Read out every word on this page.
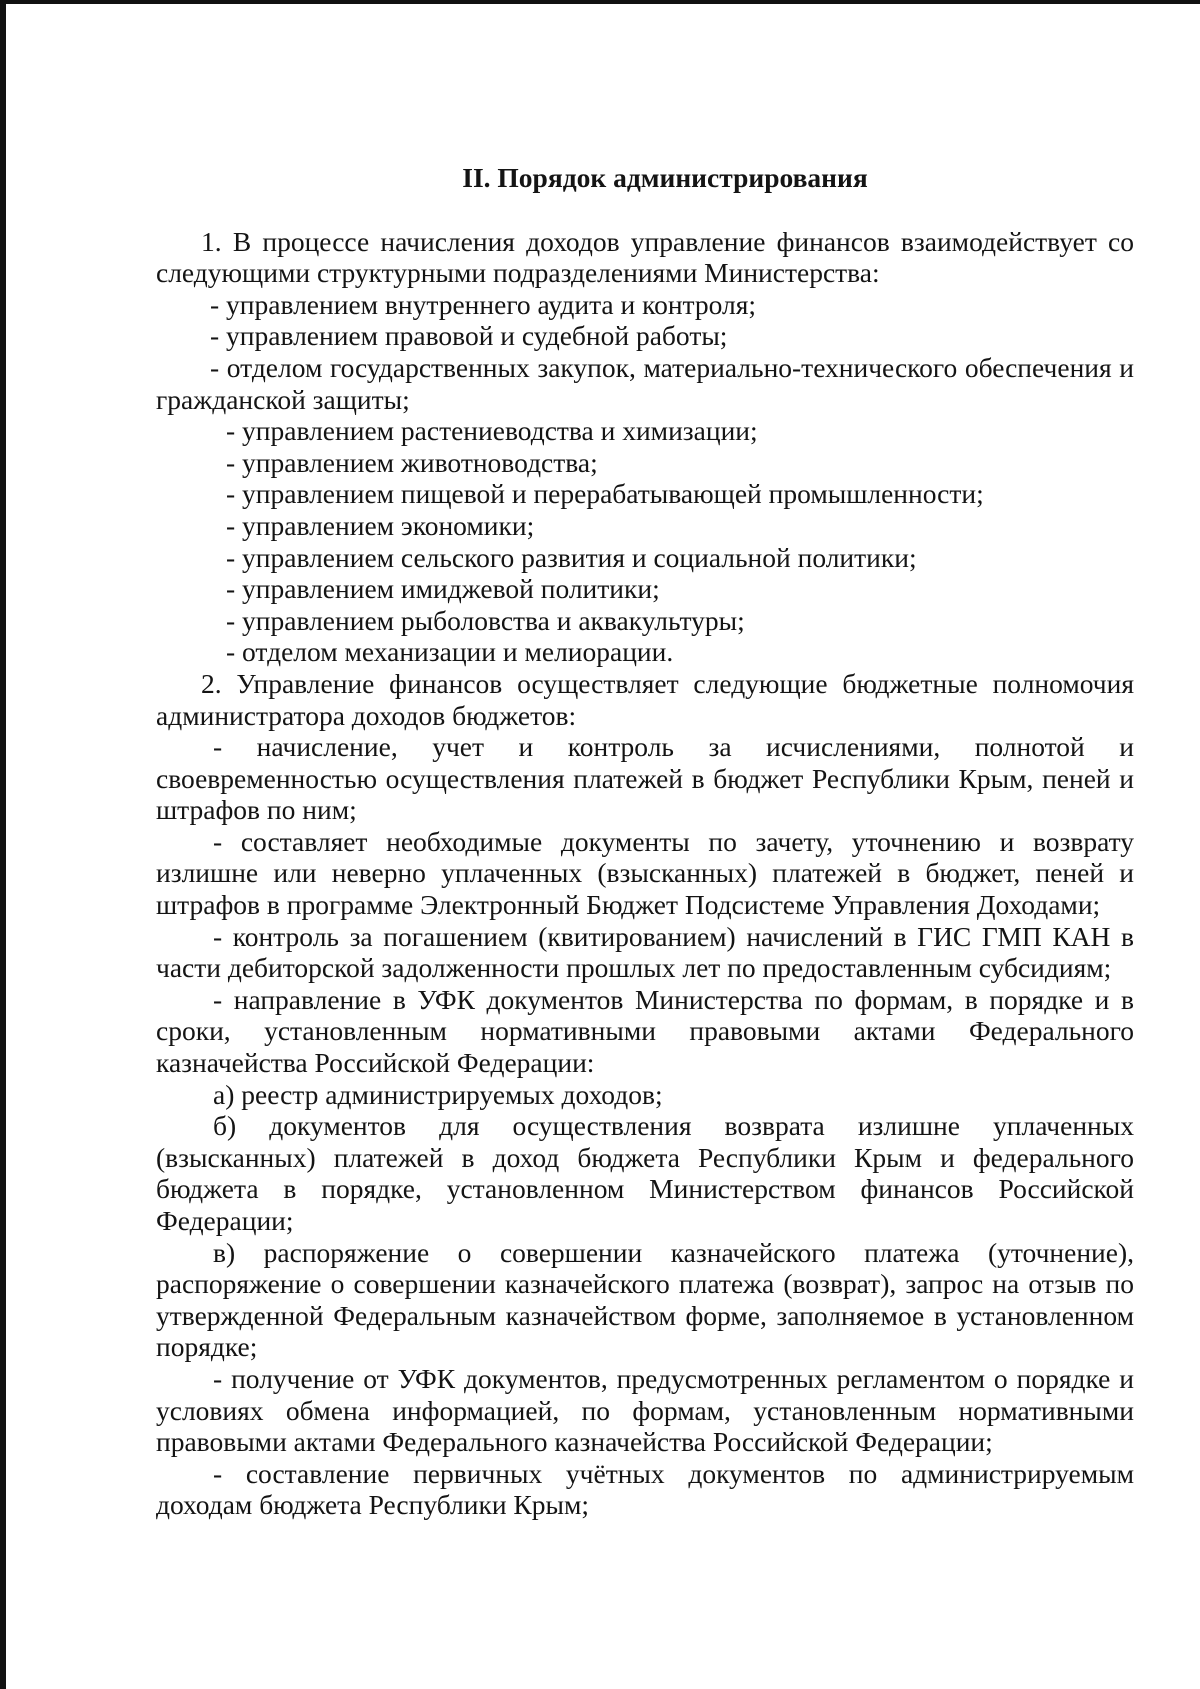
II. Порядок администрирования

1. В процессе начисления доходов управление финансов взаимодействует со следующими структурными подразделениями Министерства:

- управлением внутреннего аудита и контроля;

- управлением правовой и судебной работы;

- отделом государственных закупок, материально-технического обеспечения и гражданской защиты;

- управлением растениеводства и химизации;

- управлением животноводства;

- управлением пищевой и перерабатывающей промышленности;

- управлением экономики;

- управлением сельского развития и социальной политики;

- управлением имиджевой политики;

- управлением рыболовства и аквакультуры;

- отделом механизации и мелиорации.

2. Управление финансов осуществляет следующие бюджетные полномочия администратора доходов бюджетов:

- начисление, учет и контроль за исчислениями, полнотой и своевременностью осуществления платежей в бюджет Республики Крым, пеней и штрафов по ним;

- составляет необходимые документы по зачету, уточнению и возврату излишне или неверно уплаченных (взысканных) платежей в бюджет, пеней и штрафов в программе Электронный Бюджет Подсистеме Управления Доходами;

- контроль за погашением (квитированием) начислений в ГИС ГМП КАН в части дебиторской задолженности прошлых лет по предоставленным субсидиям;

- направление в УФК документов Министерства по формам, в порядке и в сроки, установленным нормативными правовыми актами Федерального казначейства Российской Федерации:

а) реестр администрируемых доходов;

б) документов для осуществления возврата излишне уплаченных (взысканных) платежей в доход бюджета Республики Крым и федерального бюджета в порядке, установленном Министерством финансов Российской Федерации;

в) распоряжение о совершении казначейского платежа (уточнение), распоряжение о совершении казначейского платежа (возврат), запрос на отзыв по утвержденной Федеральным казначейством форме, заполняемое в установленном порядке;

- получение от УФК документов, предусмотренных регламентом о порядке и условиях обмена информацией, по формам, установленным нормативными правовыми актами Федерального казначейства Российской Федерации;

- составление первичных учётных документов по администрируемым доходам бюджета Республики Крым;
